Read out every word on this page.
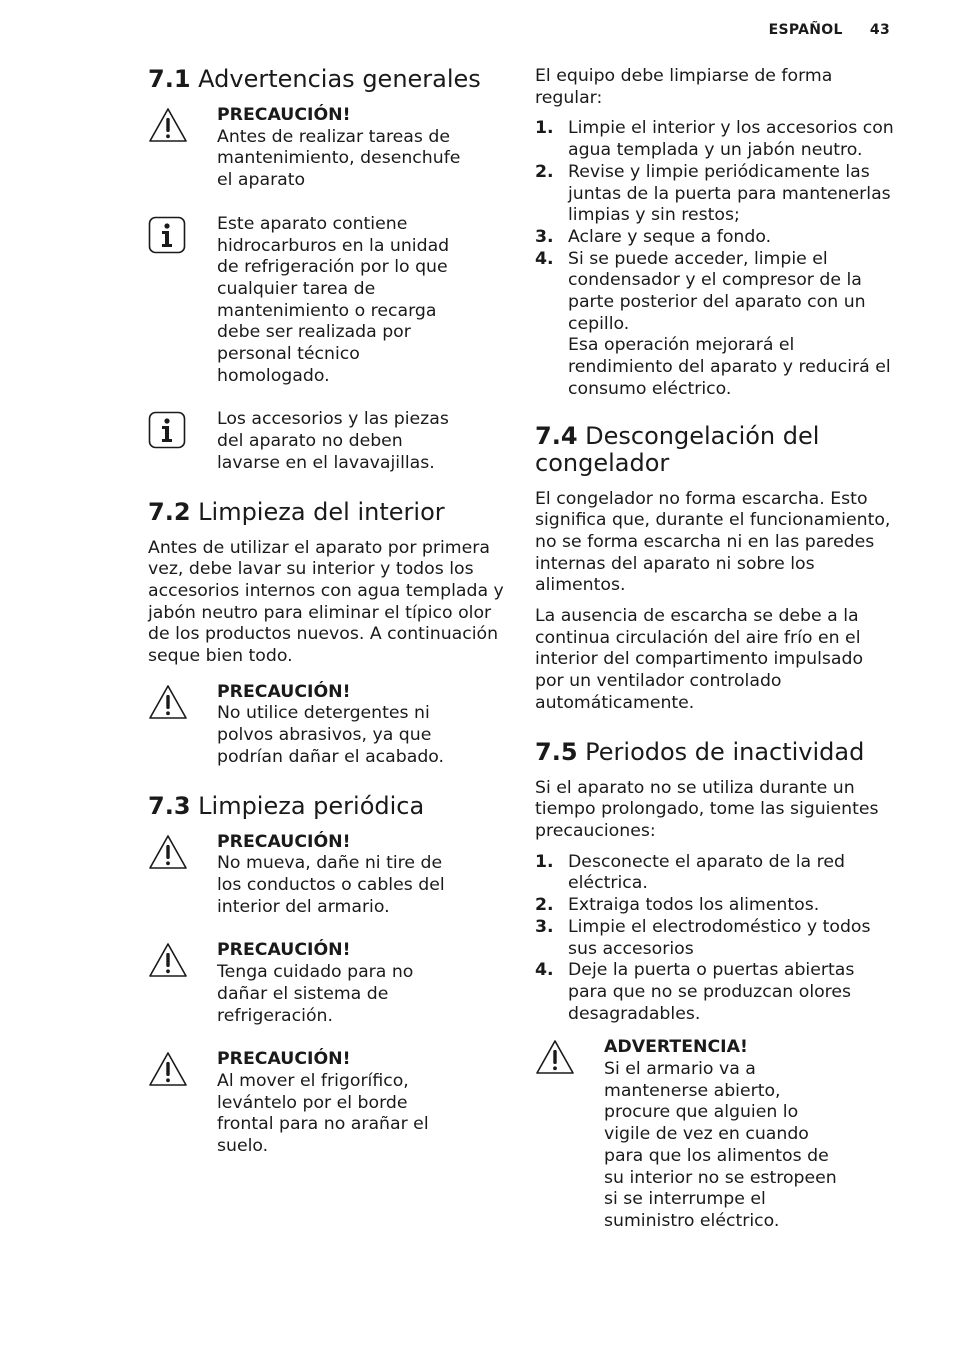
ESPAÑOL 43
7.1 Advertencias generales
PRECAUCIÓN!
Antes de realizar tareas de mantenimiento, desenchufe el aparato
Este aparato contiene hidrocarburos en la unidad de refrigeración por lo que cualquier tarea de mantenimiento o recarga debe ser realizada por personal técnico homologado.
Los accesorios y las piezas del aparato no deben lavarse en el lavavajillas.
7.2 Limpieza del interior

Antes de utilizar el aparato por primera vez, debe lavar su interior y todos los accesorios internos con agua templada y jabón neutro para eliminar el típico olor de los productos nuevos. A continuación seque bien todo.

PRECAUCIÓN!
No utilice detergentes ni polvos abrasivos, ya que podrían dañar el acabado.
7.3 Limpieza periódica
PRECAUCIÓN!
No mueva, dañe ni tire de los conductos o cables del interior del armario.
PRECAUCIÓN!
Tenga cuidado para no dañar el sistema de refrigeración.
PRECAUCIÓN!
Al mover el frigorífico, levántelo por el borde frontal para no arañar el suelo.

El equipo debe limpiarse de forma regular:

1. Limpie el interior y los accesorios con agua templada y un jabón neutro.
2. Revise y limpie periódicamente las juntas de la puerta para mantenerlas limpias y sin restos;
3. Aclare y seque a fondo.
4. Si se puede acceder, limpie el condensador y el compresor de la parte posterior del aparato con un cepillo.
Esa operación mejorará el rendimiento del aparato y reducirá el consumo eléctrico.
7.4 Descongelación del congelador

El congelador no forma escarcha. Esto significa que, durante el funcionamiento, no se forma escarcha ni en las paredes internas del aparato ni sobre los alimentos.

La ausencia de escarcha se debe a la continua circulación del aire frío en el interior del compartimento impulsado por un ventilador controlado automáticamente.

7.5 Periodos de inactividad

Si el aparato no se utiliza durante un tiempo prolongado, tome las siguientes precauciones:

1. Desconecte el aparato de la red eléctrica.
2. Extraiga todos los alimentos.
3. Limpie el electrodoméstico y todos sus accesorios
4. Deje la puerta o puertas abiertas para que no se produzcan olores desagradables.
ADVERTENCIA!
Si el armario va a mantenerse abierto, procure que alguien lo vigile de vez en cuando para que los alimentos de su interior no se estropeen si se interrumpe el suministro eléctrico.
